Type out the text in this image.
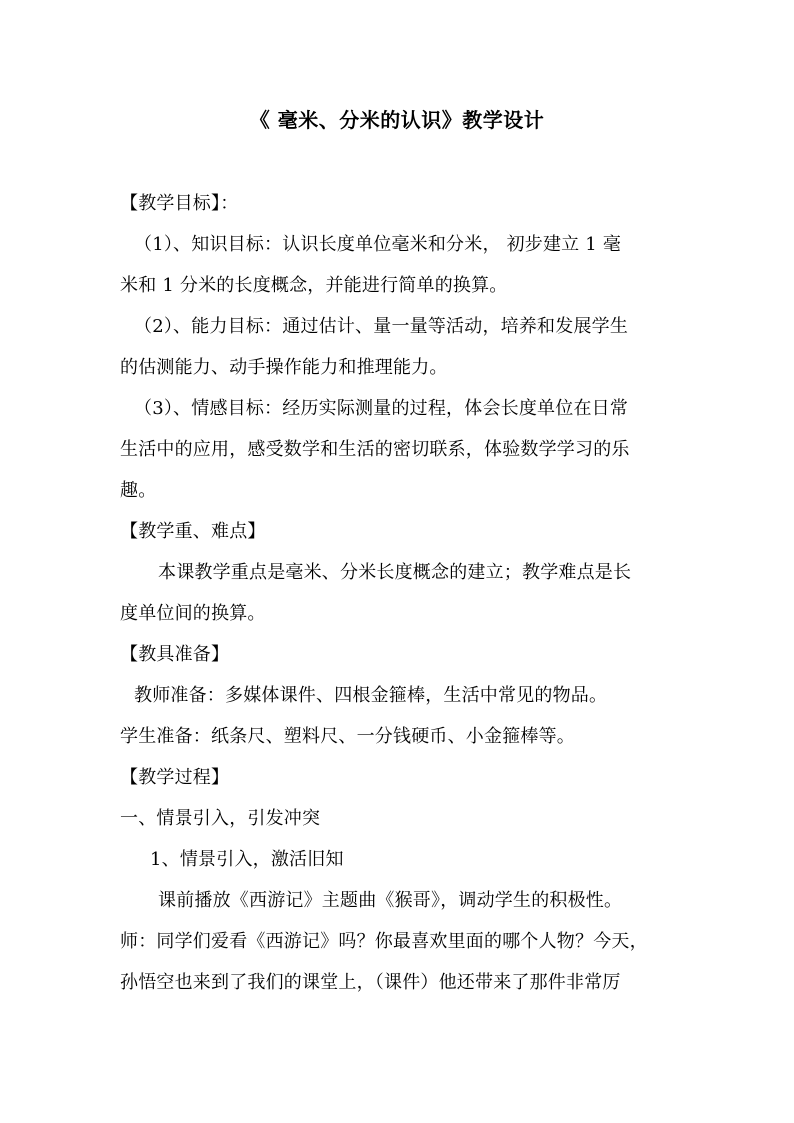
《 毫米、分米的认识》教学设计
【教学目标】：
（1）、知识目标：认识长度单位毫米和分米， 初步建立 1 毫
米和 1 分米的长度概念，并能进行简单的换算。
（2）、能力目标：通过估计、量一量等活动，培养和发展学生
的估测能力、动手操作能力和推理能力。
（3）、情感目标：经历实际测量的过程，体会长度单位在日常
生活中的应用，感受数学和生活的密切联系，体验数学学习的乐
趣。
【教学重、难点】
本课教学重点是毫米、分米长度概念的建立；教学难点是长
度单位间的换算。
【教具准备】
教师准备：多媒体课件、四根金箍棒，生活中常见的物品。
学生准备：纸条尺、塑料尺、一分钱硬币、小金箍棒等。
【教学过程】
一、情景引入，引发冲突
1、情景引入，激活旧知
课前播放《西游记》主题曲《猴哥》，调动学生的积极性。
师：同学们爱看《西游记》吗？你最喜欢里面的哪个人物？今天，
孙悟空也来到了我们的课堂上，（课件）他还带来了那件非常厉
